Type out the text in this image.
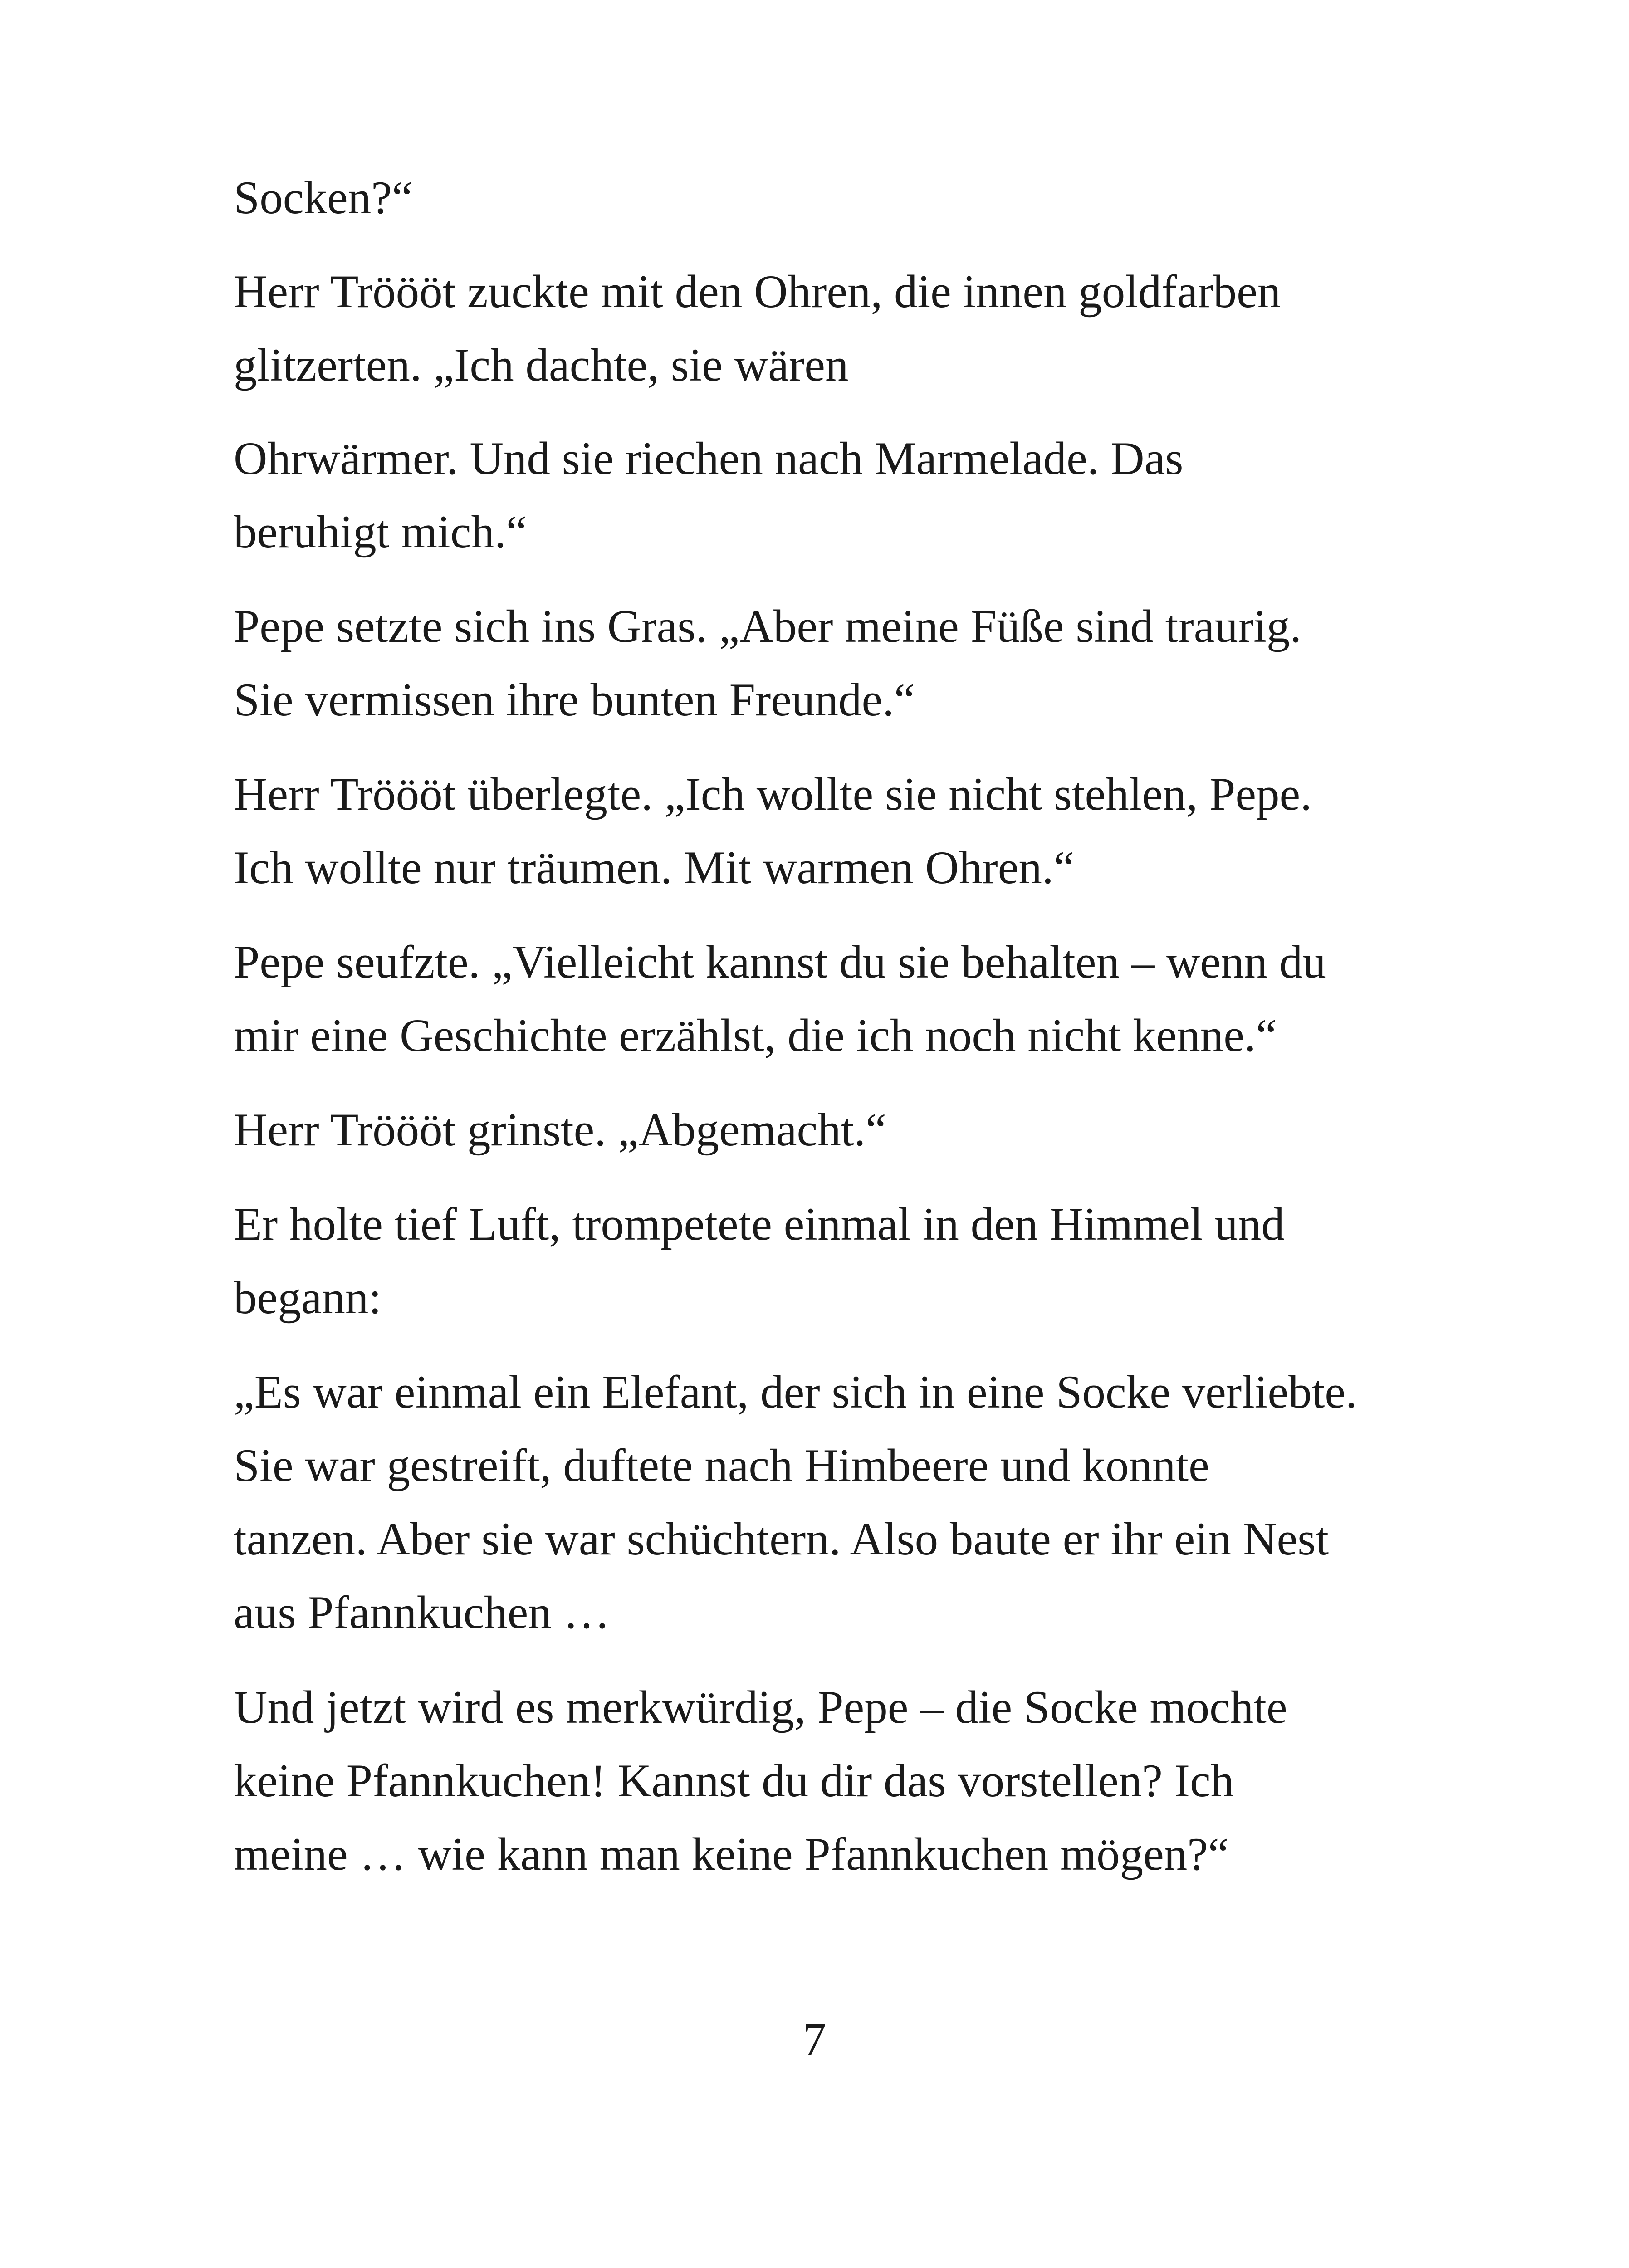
Socken?“
Herr Tröööt zuckte mit den Ohren, die innen goldfarben
glitzerten. „Ich dachte, sie wären
Ohrwärmer. Und sie riechen nach Marmelade. Das
beruhigt mich.“
Pepe setzte sich ins Gras. „Aber meine Füße sind traurig.
Sie vermissen ihre bunten Freunde.“
Herr Tröööt überlegte. „Ich wollte sie nicht stehlen, Pepe.
Ich wollte nur träumen. Mit warmen Ohren.“
Pepe seufzte. „Vielleicht kannst du sie behalten – wenn du
mir eine Geschichte erzählst, die ich noch nicht kenne.“
Herr Tröööt grinste. „Abgemacht.“
Er holte tief Luft, trompetete einmal in den Himmel und
begann:
„Es war einmal ein Elefant, der sich in eine Socke verliebte.
Sie war gestreift, duftete nach Himbeere und konnte
tanzen. Aber sie war schüchtern. Also baute er ihr ein Nest
aus Pfannkuchen …
Und jetzt wird es merkwürdig, Pepe – die Socke mochte
keine Pfannkuchen! Kannst du dir das vorstellen? Ich
meine … wie kann man keine Pfannkuchen mögen?“
7
